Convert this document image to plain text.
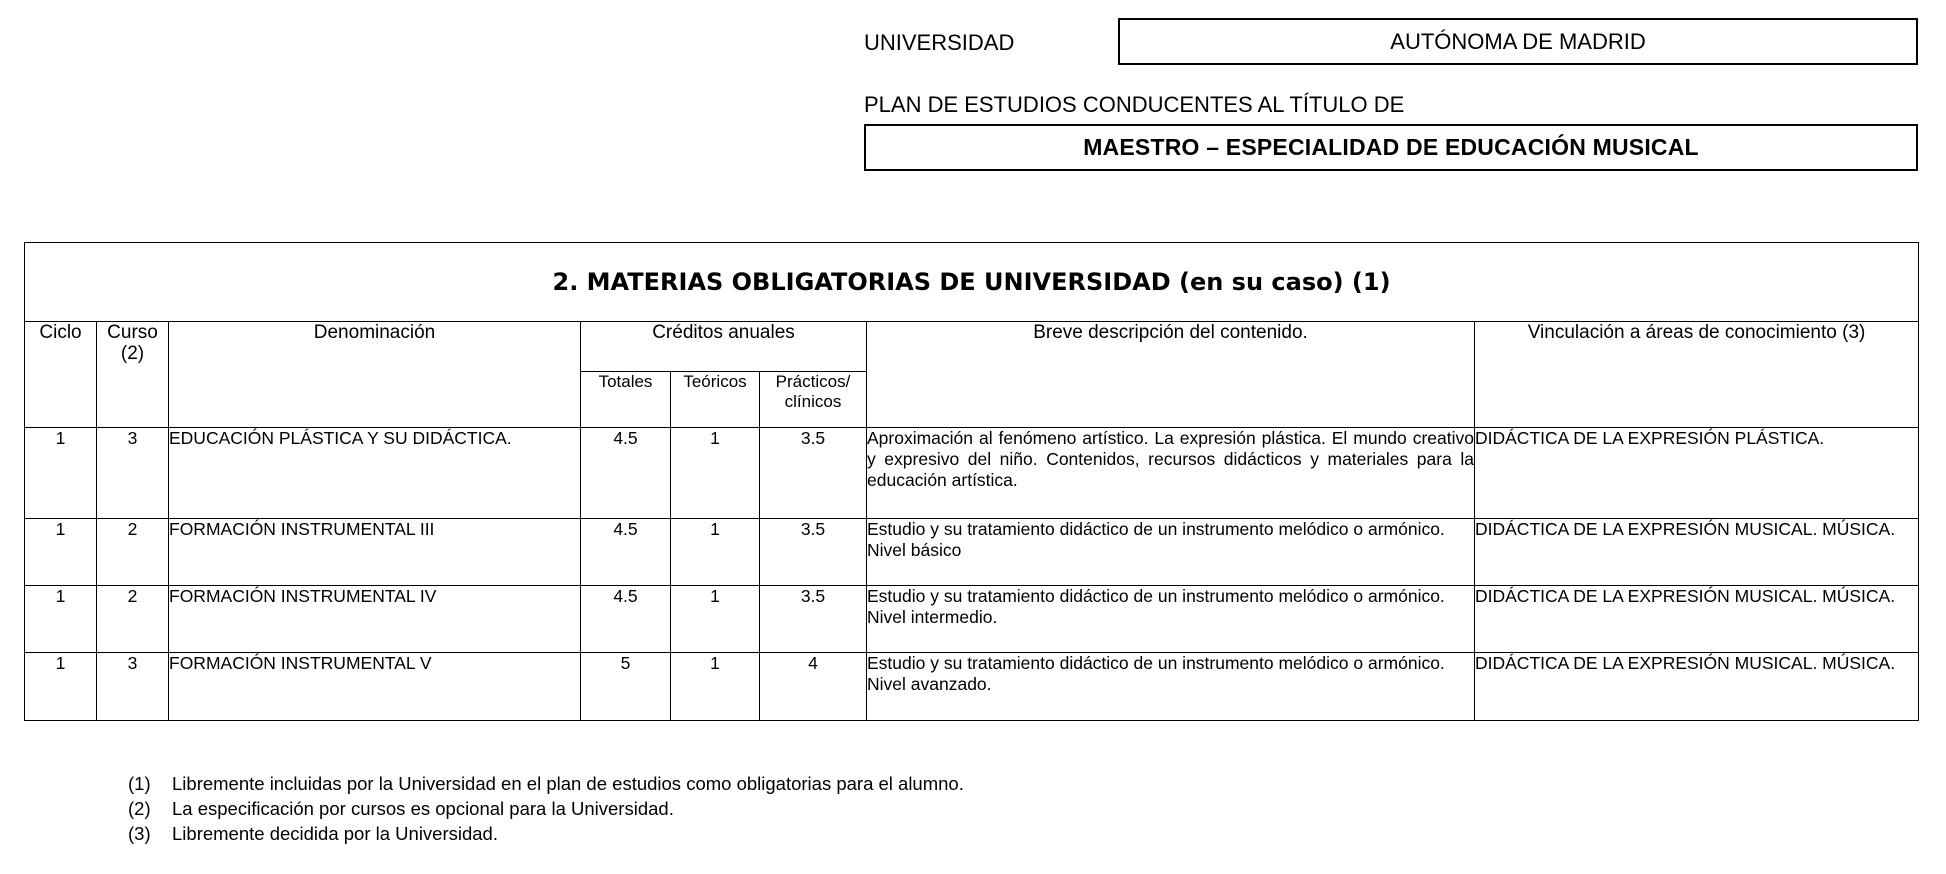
UNIVERSIDAD	AUTÓNOMA DE MADRID
PLAN DE ESTUDIOS CONDUCENTES AL TÍTULO DE
MAESTRO – ESPECIALIDAD DE EDUCACIÓN MUSICAL
2. MATERIAS OBLIGATORIAS DE UNIVERSIDAD (en su caso) (1)							
Ciclo	Curso (2)	Denominación	Créditos anuales			Breve descripción del contenido.	Vinculación a áreas de conocimiento (3)
			Totales	Teóricos	Prácticos/ clínicos		
1	3	EDUCACIÓN PLÁSTICA Y SU DIDÁCTICA.	4.5	1	3.5	Aproximación al fenómeno artístico. La expresión plástica. El mundo creativo y expresivo del niño. Contenidos, recursos didácticos y materiales para la educación artística.	DIDÁCTICA DE LA EXPRESIÓN PLÁSTICA.
1	2	FORMACIÓN INSTRUMENTAL III	4.5	1	3.5	Estudio y su tratamiento didáctico de un instrumento melódico o armónico. Nivel básico	DIDÁCTICA DE LA EXPRESIÓN MUSICAL. MÚSICA.
1	2	FORMACIÓN INSTRUMENTAL IV	4.5	1	3.5	Estudio y su tratamiento didáctico de un instrumento melódico o armónico. Nivel intermedio.	DIDÁCTICA DE LA EXPRESIÓN MUSICAL. MÚSICA.
1	3	FORMACIÓN INSTRUMENTAL V	5	1	4	Estudio y su tratamiento didáctico de un instrumento melódico o armónico. Nivel avanzado.	DIDÁCTICA DE LA EXPRESIÓN MUSICAL. MÚSICA.
(1)	Libremente incluidas por la Universidad en el plan de estudios como obligatorias para el alumno.
(2)	La especificación por cursos es opcional para la Universidad.
(3)	Libremente decidida por la Universidad.
